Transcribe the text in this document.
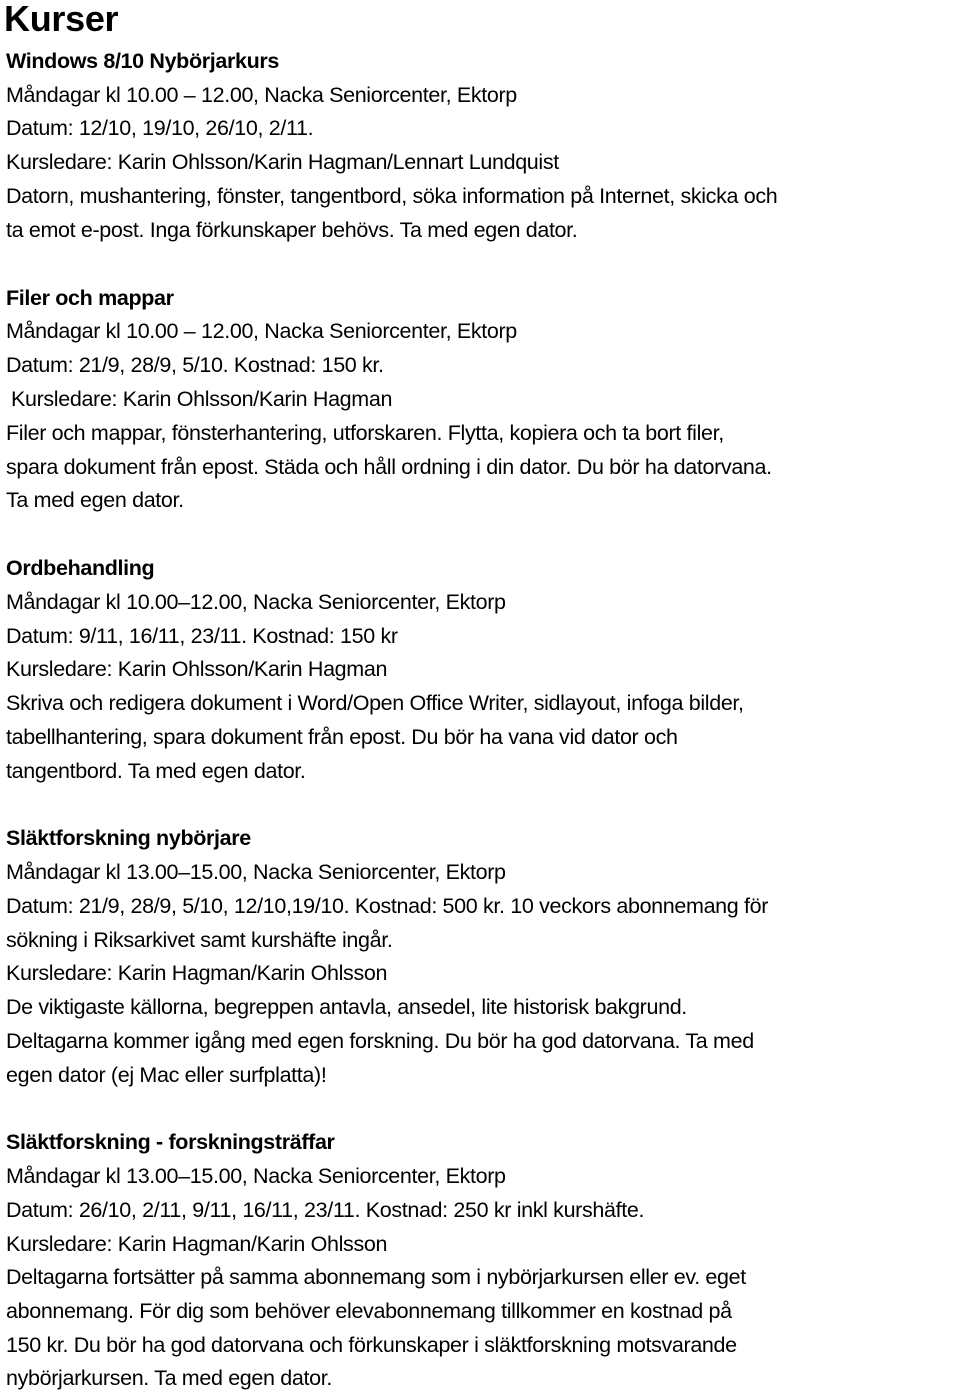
Kurser
Windows 8/10 Nybörjarkurs
Måndagar kl 10.00 – 12.00, Nacka Seniorcenter, Ektorp
Datum: 12/10, 19/10, 26/10, 2/11.
Kursledare: Karin Ohlsson/Karin Hagman/Lennart Lundquist
Datorn, mushantering, fönster, tangentbord, söka information på Internet, skicka och
ta emot e-post. Inga förkunskaper behövs. Ta med egen dator.
Filer och mappar
Måndagar kl 10.00 – 12.00, Nacka Seniorcenter, Ektorp
Datum: 21/9, 28/9, 5/10. Kostnad: 150 kr.
Kursledare: Karin Ohlsson/Karin Hagman
Filer och mappar, fönsterhantering, utforskaren. Flytta, kopiera och ta bort filer,
spara dokument från epost. Städa och håll ordning i din dator. Du bör ha datorvana.
Ta med egen dator.
Ordbehandling
Måndagar kl 10.00–12.00, Nacka Seniorcenter, Ektorp
Datum: 9/11, 16/11, 23/11. Kostnad: 150 kr
Kursledare: Karin Ohlsson/Karin Hagman
Skriva och redigera dokument i Word/Open Office Writer, sidlayout, infoga bilder,
tabellhantering, spara dokument från epost. Du bör ha vana vid dator och
tangentbord. Ta med egen dator.
Släktforskning nybörjare
Måndagar kl 13.00–15.00, Nacka Seniorcenter, Ektorp
Datum: 21/9, 28/9, 5/10, 12/10,19/10. Kostnad: 500 kr. 10 veckors abonnemang för
sökning i Riksarkivet samt kurshäfte ingår.
Kursledare: Karin Hagman/Karin Ohlsson
De viktigaste källorna, begreppen antavla, ansedel, lite historisk bakgrund.
Deltagarna kommer igång med egen forskning. Du bör ha god datorvana. Ta med
egen dator (ej Mac eller surfplatta)!
Släktforskning - forskningsträffar
Måndagar kl 13.00–15.00, Nacka Seniorcenter, Ektorp
Datum: 26/10, 2/11, 9/11, 16/11, 23/11. Kostnad: 250 kr inkl kurshäfte.
Kursledare: Karin Hagman/Karin Ohlsson
Deltagarna fortsätter på samma abonnemang som i nybörjarkursen eller ev. eget
abonnemang. För dig som behöver elevabonnemang tillkommer en kostnad på
150 kr. Du bör ha god datorvana och förkunskaper i släktforskning motsvarande
nybörjarkursen. Ta med egen dator.
